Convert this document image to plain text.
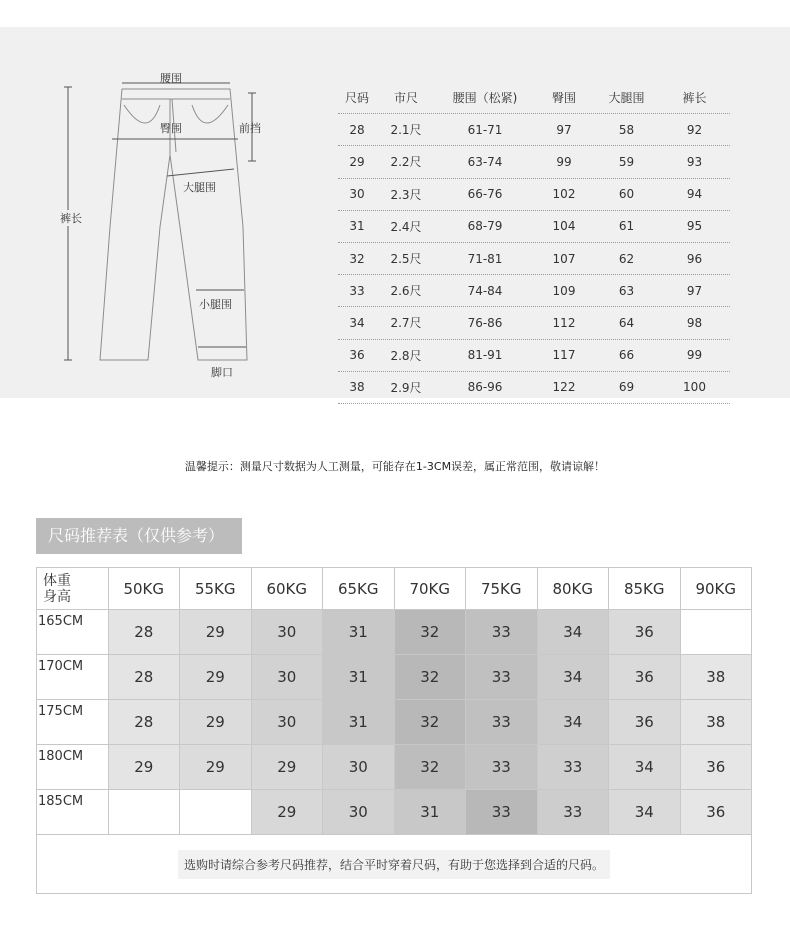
腰围
臀围	前挡
大腿围
裤长
小腿围
脚口
尺码	市尺	腰围（松紧)	臀围	大腿围	裤长
28	2.1尺	61-71	97	58	92
29	2.2尺	63-74	99	59	93
30	2.3尺	66-76	102	60	94
31	2.4尺	68-79	104	61	95
32	2.5尺	71-81	107	62	96
33	2.6尺	74-84	109	63	97
34	2.7尺	76-86	112	64	98
36	2.8尺	81-91	117	66	99
38	2.9尺	86-96	122	69	100
温馨提示：测量尺寸数据为人工测量，可能存在1-3CM误差，属正常范围，敬请谅解！
尺码推荐表（仅供参考）
体重
身高	50KG	55KG	60KG	65KG	70KG	75KG	80KG	85KG	90KG
165CM	28	29	30	31	32	33	34	36	
170CM	28	29	30	31	32	33	34	36	38
175CM	28	29	30	31	32	33	34	36	38
180CM	29	29	29	30	32	33	33	34	36
185CM			29	30	31	33	33	34	36
选购时请综合参考尺码推荐，结合平时穿着尺码，有助于您选择到合适的尺码。									
